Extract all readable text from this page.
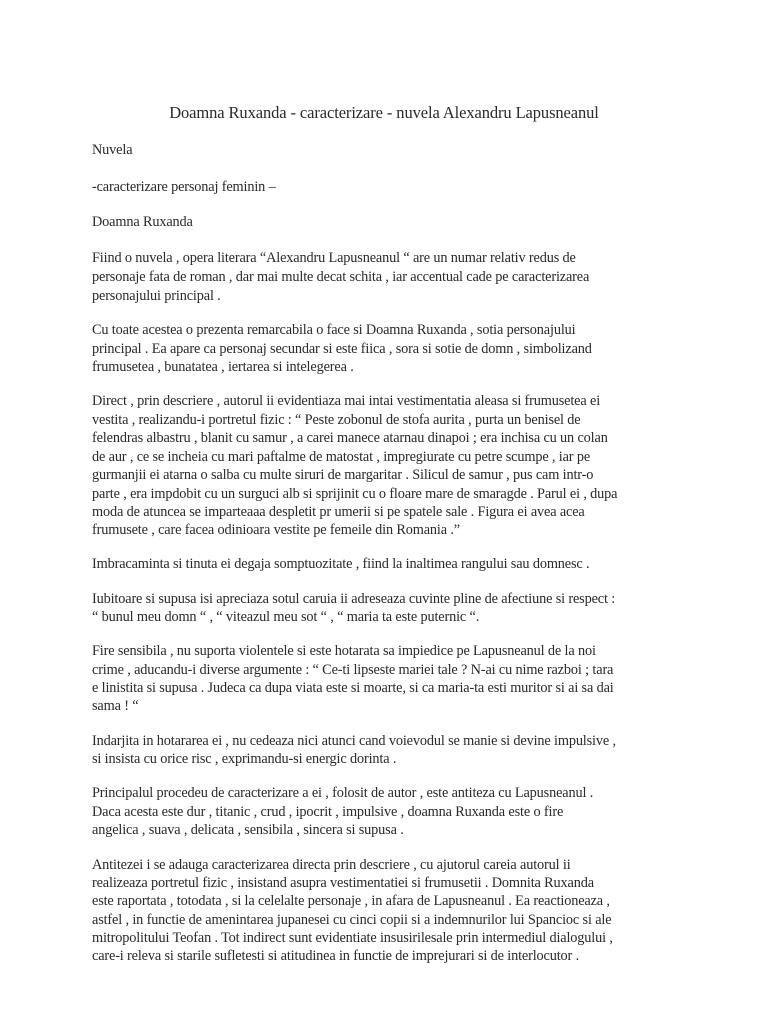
Doamna Ruxanda - caracterizare - nuvela Alexandru Lapusneanul
Nuvela
-caracterizare personaj feminin –
Doamna Ruxanda
Fiind o nuvela , opera literara “Alexandru Lapusneanul “ are un numar relativ redus de
personaje fata de roman , dar mai multe decat schita , iar accentual cade pe caracterizarea
personajului principal .
Cu toate acestea o prezenta remarcabila o face si Doamna Ruxanda , sotia personajului
principal . Ea apare ca personaj secundar si este fiica , sora si sotie de domn , simbolizand
frumusetea , bunatatea , iertarea si intelegerea .
Direct , prin descriere , autorul ii evidentiaza mai intai vestimentatia aleasa si frumusetea ei
vestita , realizandu-i portretul fizic : “ Peste zobonul de stofa aurita , purta un benisel de
felendras albastru , blanit cu samur , a carei manece atarnau dinapoi ; era inchisa cu un colan
de aur , ce se incheia cu mari paftalme de matostat , impregiurate cu petre scumpe , iar pe
gurmanjii ei atarna o salba cu multe siruri de margaritar . Silicul de samur , pus cam intr-o
parte , era impdobit cu un surguci alb si sprijinit cu o floare mare de smaragde . Parul ei , dupa
moda de atuncea se imparteaaa despletit pr umerii si pe spatele sale . Figura ei avea acea
frumusete , care facea odinioara vestite pe femeile din Romania .”
Imbracamintа si tinuta ei degaja somptuozitate , fiind la inaltimea rangului sau domnesc .
Iubitoare si supusa isi apreciaza sotul caruia ii adreseaza cuvinte pline de afectiune si respect :
“ bunul meu domn “ , “ viteazul meu sot “ , “ maria ta este puternic “.
Fire sensibila , nu suporta violentele si este hotarata sa impiedice pe Lapusneanul de la noi
crime , aducandu-i diverse argumente : “ Ce-ti lipseste mariei tale ? N-ai cu nime razboi ; tara
e linistita si supusa . Judeca ca dupa viata este si moarte, si ca maria-ta esti muritor si ai sa dai
sama ! “
Indarjita in hotararea ei , nu cedeaza nici atunci cand voievodul se manie si devine impulsive ,
si insista cu orice risc , exprimandu-si energic dorinta .
Principalul procedeu de caracterizare a ei , folosit de autor , este antiteza cu Lapusneanul .
Daca acesta este dur , titanic , crud , ipocrit , impulsive , doamna Ruxanda este o fire
angelica , suava , delicata , sensibila , sincera si supusa .
Antitezei i se adauga caracterizarea directa prin descriere , cu ajutorul careia autorul ii
realizeaza portretul fizic , insistand asupra vestimentatiei si frumusetii . Domnita Ruxanda
este raportata , totodata , si la celelalte personaje , in afara de Lapusneanul . Ea reactioneaza ,
astfel , in functie de amenintarea jupanesei cu cinci copii si a indemnurilor lui Spancioc si ale
mitropolitului Teofan . Tot indirect sunt evidentiate insusirilesale prin intermediul dialogului ,
care-i releva si starile sufletesti si atitudinea in functie de imprejurari si de interlocutor .
